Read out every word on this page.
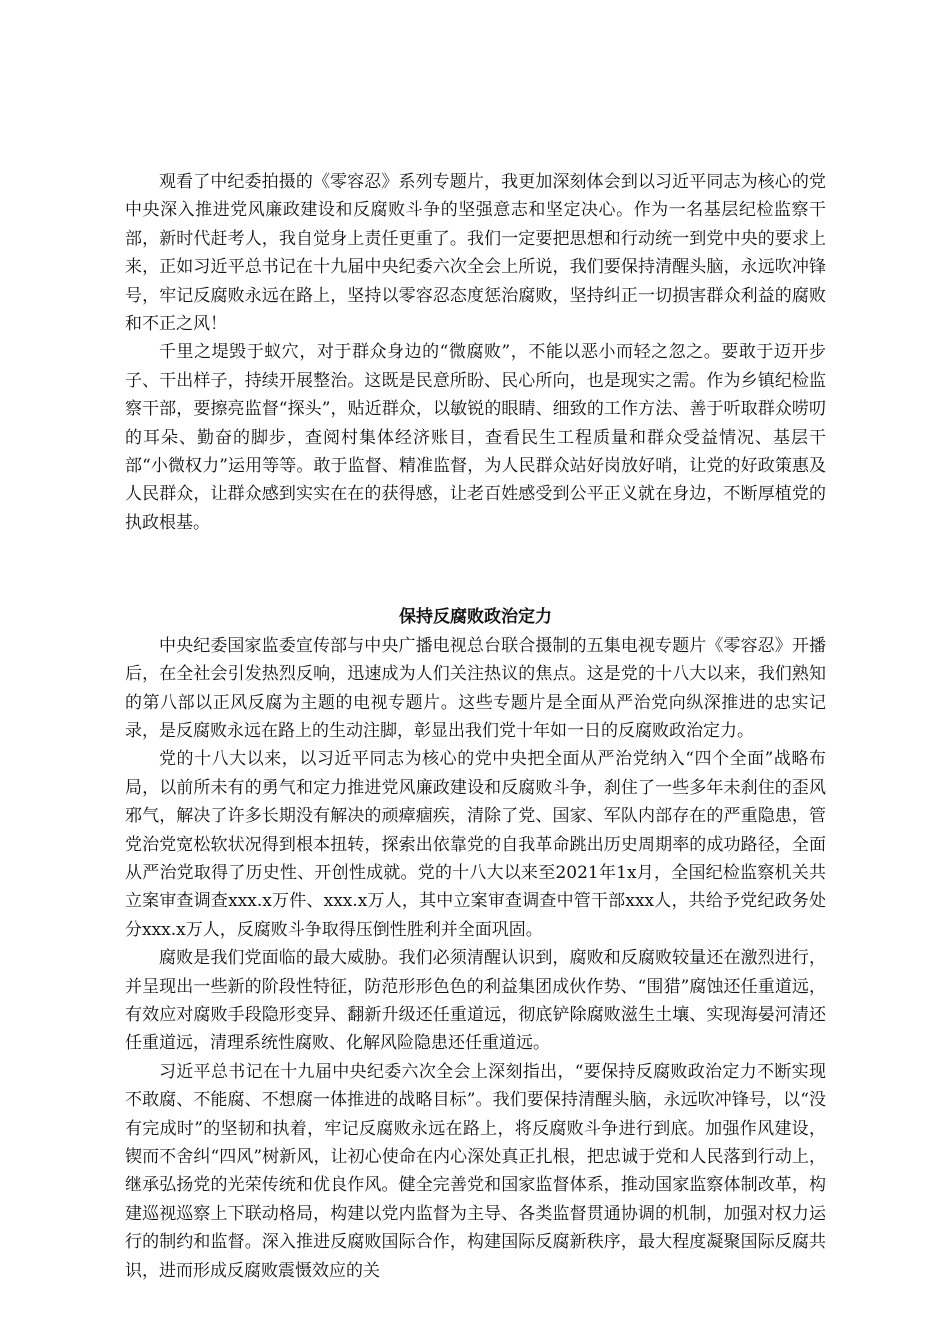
观看了中纪委拍摄的《零容忍》系列专题片，我更加深刻体会到以习近平同志为核心的党中央深入推进党风廉政建设和反腐败斗争的坚强意志和坚定决心。作为一名基层纪检监察干部，新时代赶考人，我自觉身上责任更重了。我们一定要把思想和行动统一到党中央的要求上来，正如习近平总书记在十九届中央纪委六次全会上所说，我们要保持清醒头脑，永远吹冲锋号，牢记反腐败永远在路上，坚持以零容忍态度惩治腐败，坚持纠正一切损害群众利益的腐败和不正之风！

千里之堤毁于蚁穴，对于群众身边的“微腐败”，不能以恶小而轻之忽之。要敢于迈开步子、干出样子，持续开展整治。这既是民意所盼、民心所向，也是现实之需。作为乡镇纪检监察干部，要擦亮监督“探头”，贴近群众，以敏锐的眼睛、细致的工作方法、善于听取群众唠叨的耳朵、勤奋的脚步，查阅村集体经济账目，查看民生工程质量和群众受益情况、基层干部“小微权力”运用等等。敢于监督、精准监督，为人民群众站好岗放好哨，让党的好政策惠及人民群众，让群众感到实实在在的获得感，让老百姓感受到公平正义就在身边，不断厚植党的执政根基。

保持反腐败政治定力

中央纪委国家监委宣传部与中央广播电视总台联合摄制的五集电视专题片《零容忍》开播后，在全社会引发热烈反响，迅速成为人们关注热议的焦点。这是党的十八大以来，我们熟知的第八部以正风反腐为主题的电视专题片。这些专题片是全面从严治党向纵深推进的忠实记录，是反腐败永远在路上的生动注脚，彰显出我们党十年如一日的反腐败政治定力。

党的十八大以来，以习近平同志为核心的党中央把全面从严治党纳入“四个全面”战略布局，以前所未有的勇气和定力推进党风廉政建设和反腐败斗争，刹住了一些多年未刹住的歪风邪气，解决了许多长期没有解决的顽瘴痼疾，清除了党、国家、军队内部存在的严重隐患，管党治党宽松软状况得到根本扭转，探索出依靠党的自我革命跳出历史周期率的成功路径，全面从严治党取得了历史性、开创性成就。党的十八大以来至2021年1x月，全国纪检监察机关共立案审查调查xxx.x万件、xxx.x万人，其中立案审查调查中管干部xxx人，共给予党纪政务处分xxx.x万人，反腐败斗争取得压倒性胜利并全面巩固。

腐败是我们党面临的最大威胁。我们必须清醒认识到，腐败和反腐败较量还在激烈进行，并呈现出一些新的阶段性特征，防范形形色色的利益集团成伙作势、“围猎”腐蚀还任重道远，有效应对腐败手段隐形变异、翻新升级还任重道远，彻底铲除腐败滋生土壤、实现海晏河清还任重道远，清理系统性腐败、化解风险隐患还任重道远。

习近平总书记在十九届中央纪委六次全会上深刻指出，“要保持反腐败政治定力不断实现不敢腐、不能腐、不想腐一体推进的战略目标”。我们要保持清醒头脑，永远吹冲锋号，以“没有完成时”的坚韧和执着，牢记反腐败永远在路上，将反腐败斗争进行到底。加强作风建设，锲而不舍纠“四风”树新风，让初心使命在内心深处真正扎根，把忠诚于党和人民落到行动上，继承弘扬党的光荣传统和优良作风。健全完善党和国家监督体系，推动国家监察体制改革，构建巡视巡察上下联动格局，构建以党内监督为主导、各类监督贯通协调的机制，加强对权力运行的制约和监督。深入推进反腐败国际合作，构建国际反腐新秩序，最大程度凝聚国际反腐共识，进而形成反腐败震慑效应的关
